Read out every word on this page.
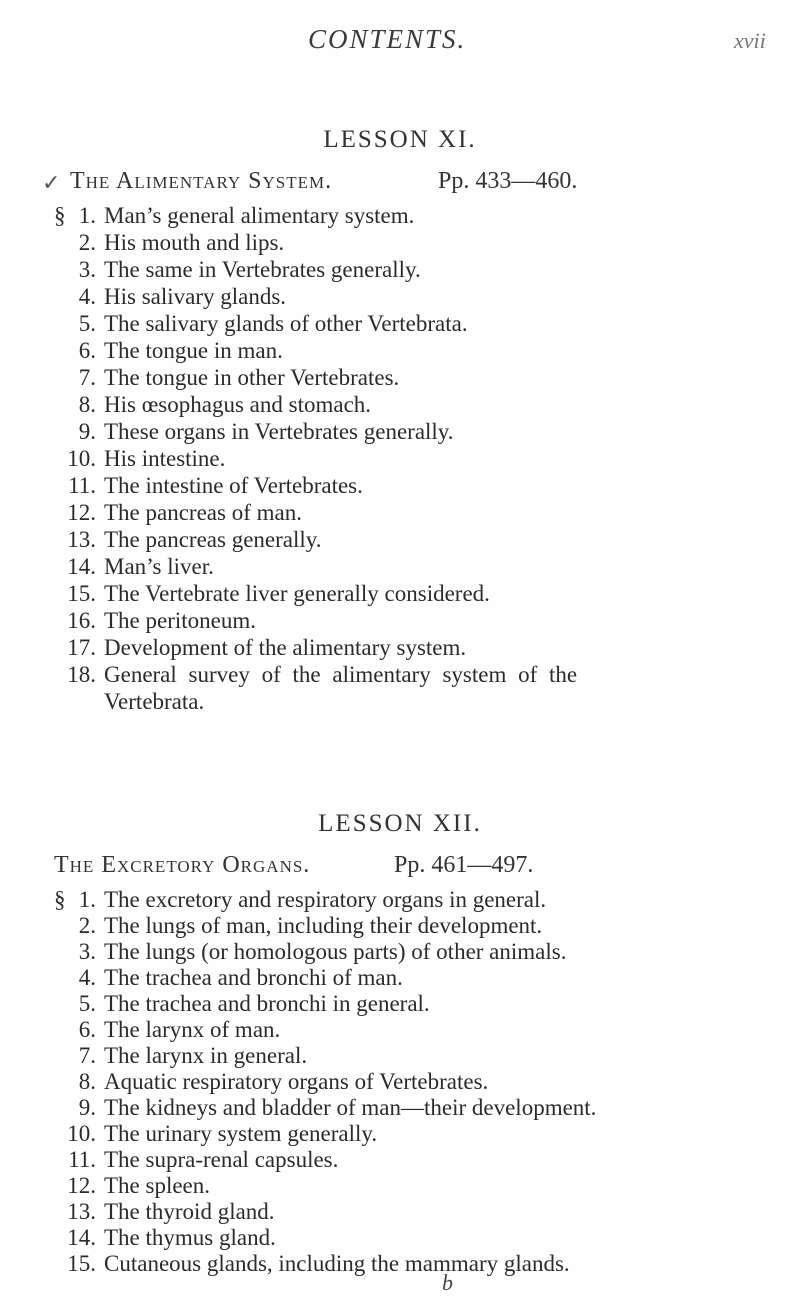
CONTENTS.	xvii
LESSON XI.
✓ The Alimentary System.	Pp. 433—460.
§ 1. Man’s general alimentary system.
2. His mouth and lips.
3. The same in Vertebrates generally.
4. His salivary glands.
5. The salivary glands of other Vertebrata.
6. The tongue in man.
7. The tongue in other Vertebrates.
8. His œsophagus and stomach.
9. These organs in Vertebrates generally.
10. His intestine.
11. The intestine of Vertebrates.
12. The pancreas of man.
13. The pancreas generally.
14. Man’s liver.
15. The Vertebrate liver generally considered.
16. The peritoneum.
17. Development of the alimentary system.
18. General survey of the alimentary system of the
Vertebrata.
LESSON XII.
The Excretory Organs.	Pp. 461—497.
§ 1. The excretory and respiratory organs in general.
2. The lungs of man, including their development.
3. The lungs (or homologous parts) of other animals.
4. The trachea and bronchi of man.
5. The trachea and bronchi in general.
6. The larynx of man.
7. The larynx in general.
8. Aquatic respiratory organs of Vertebrates.
9. The kidneys and bladder of man—their development.
10. The urinary system generally.
11. The supra-renal capsules.
12. The spleen.
13. The thyroid gland.
14. The thymus gland.
15. Cutaneous glands, including the mammary glands.
b
